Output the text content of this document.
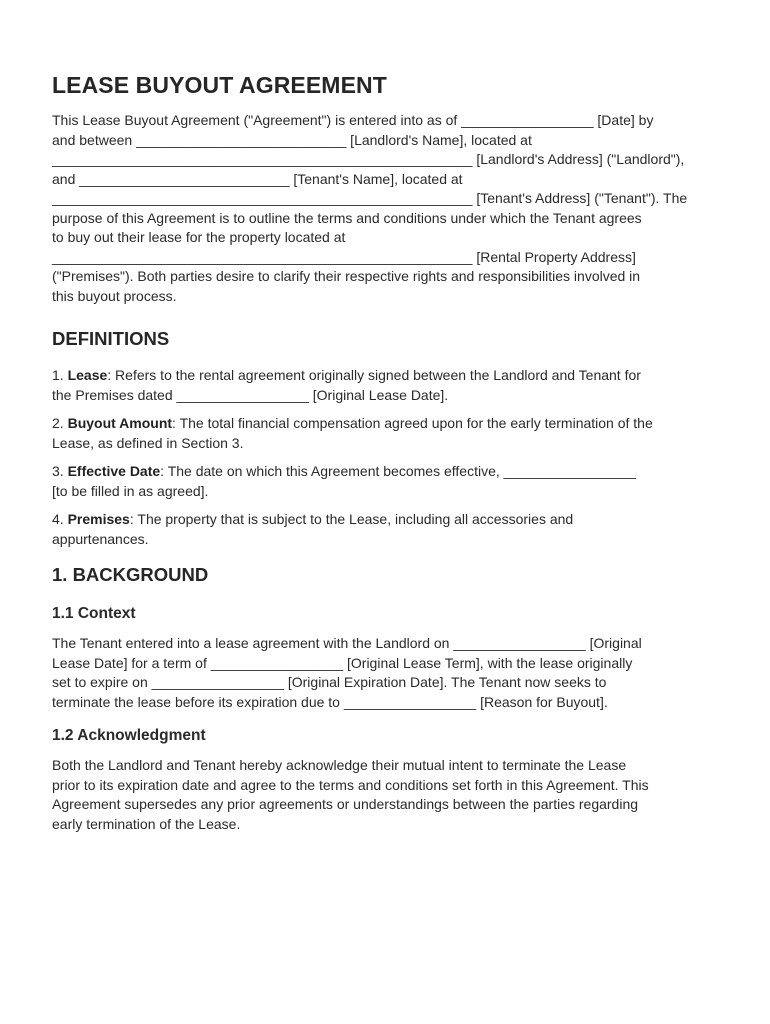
LEASE BUYOUT AGREEMENT

This Lease Buyout Agreement ("Agreement") is entered into as of _________________ [Date] by
and between ___________________________ [Landlord's Name], located at
______________________________________________________ [Landlord's Address] ("Landlord"),
and ___________________________ [Tenant's Name], located at
______________________________________________________ [Tenant's Address] ("Tenant"). The
purpose of this Agreement is to outline the terms and conditions under which the Tenant agrees
to buy out their lease for the property located at
______________________________________________________ [Rental Property Address]
("Premises"). Both parties desire to clarify their respective rights and responsibilities involved in
this buyout process.

DEFINITIONS

1. Lease: Refers to the rental agreement originally signed between the Landlord and Tenant for
the Premises dated _________________ [Original Lease Date].

2. Buyout Amount: The total financial compensation agreed upon for the early termination of the
Lease, as defined in Section 3.

3. Effective Date: The date on which this Agreement becomes effective, _________________
[to be filled in as agreed].

4. Premises: The property that is subject to the Lease, including all accessories and
appurtenances.

1. BACKGROUND
1.1 Context

The Tenant entered into a lease agreement with the Landlord on _________________ [Original
Lease Date] for a term of _________________ [Original Lease Term], with the lease originally
set to expire on _________________ [Original Expiration Date]. The Tenant now seeks to
terminate the lease before its expiration due to _________________ [Reason for Buyout].

1.2 Acknowledgment

Both the Landlord and Tenant hereby acknowledge their mutual intent to terminate the Lease
prior to its expiration date and agree to the terms and conditions set forth in this Agreement. This
Agreement supersedes any prior agreements or understandings between the parties regarding
early termination of the Lease.
